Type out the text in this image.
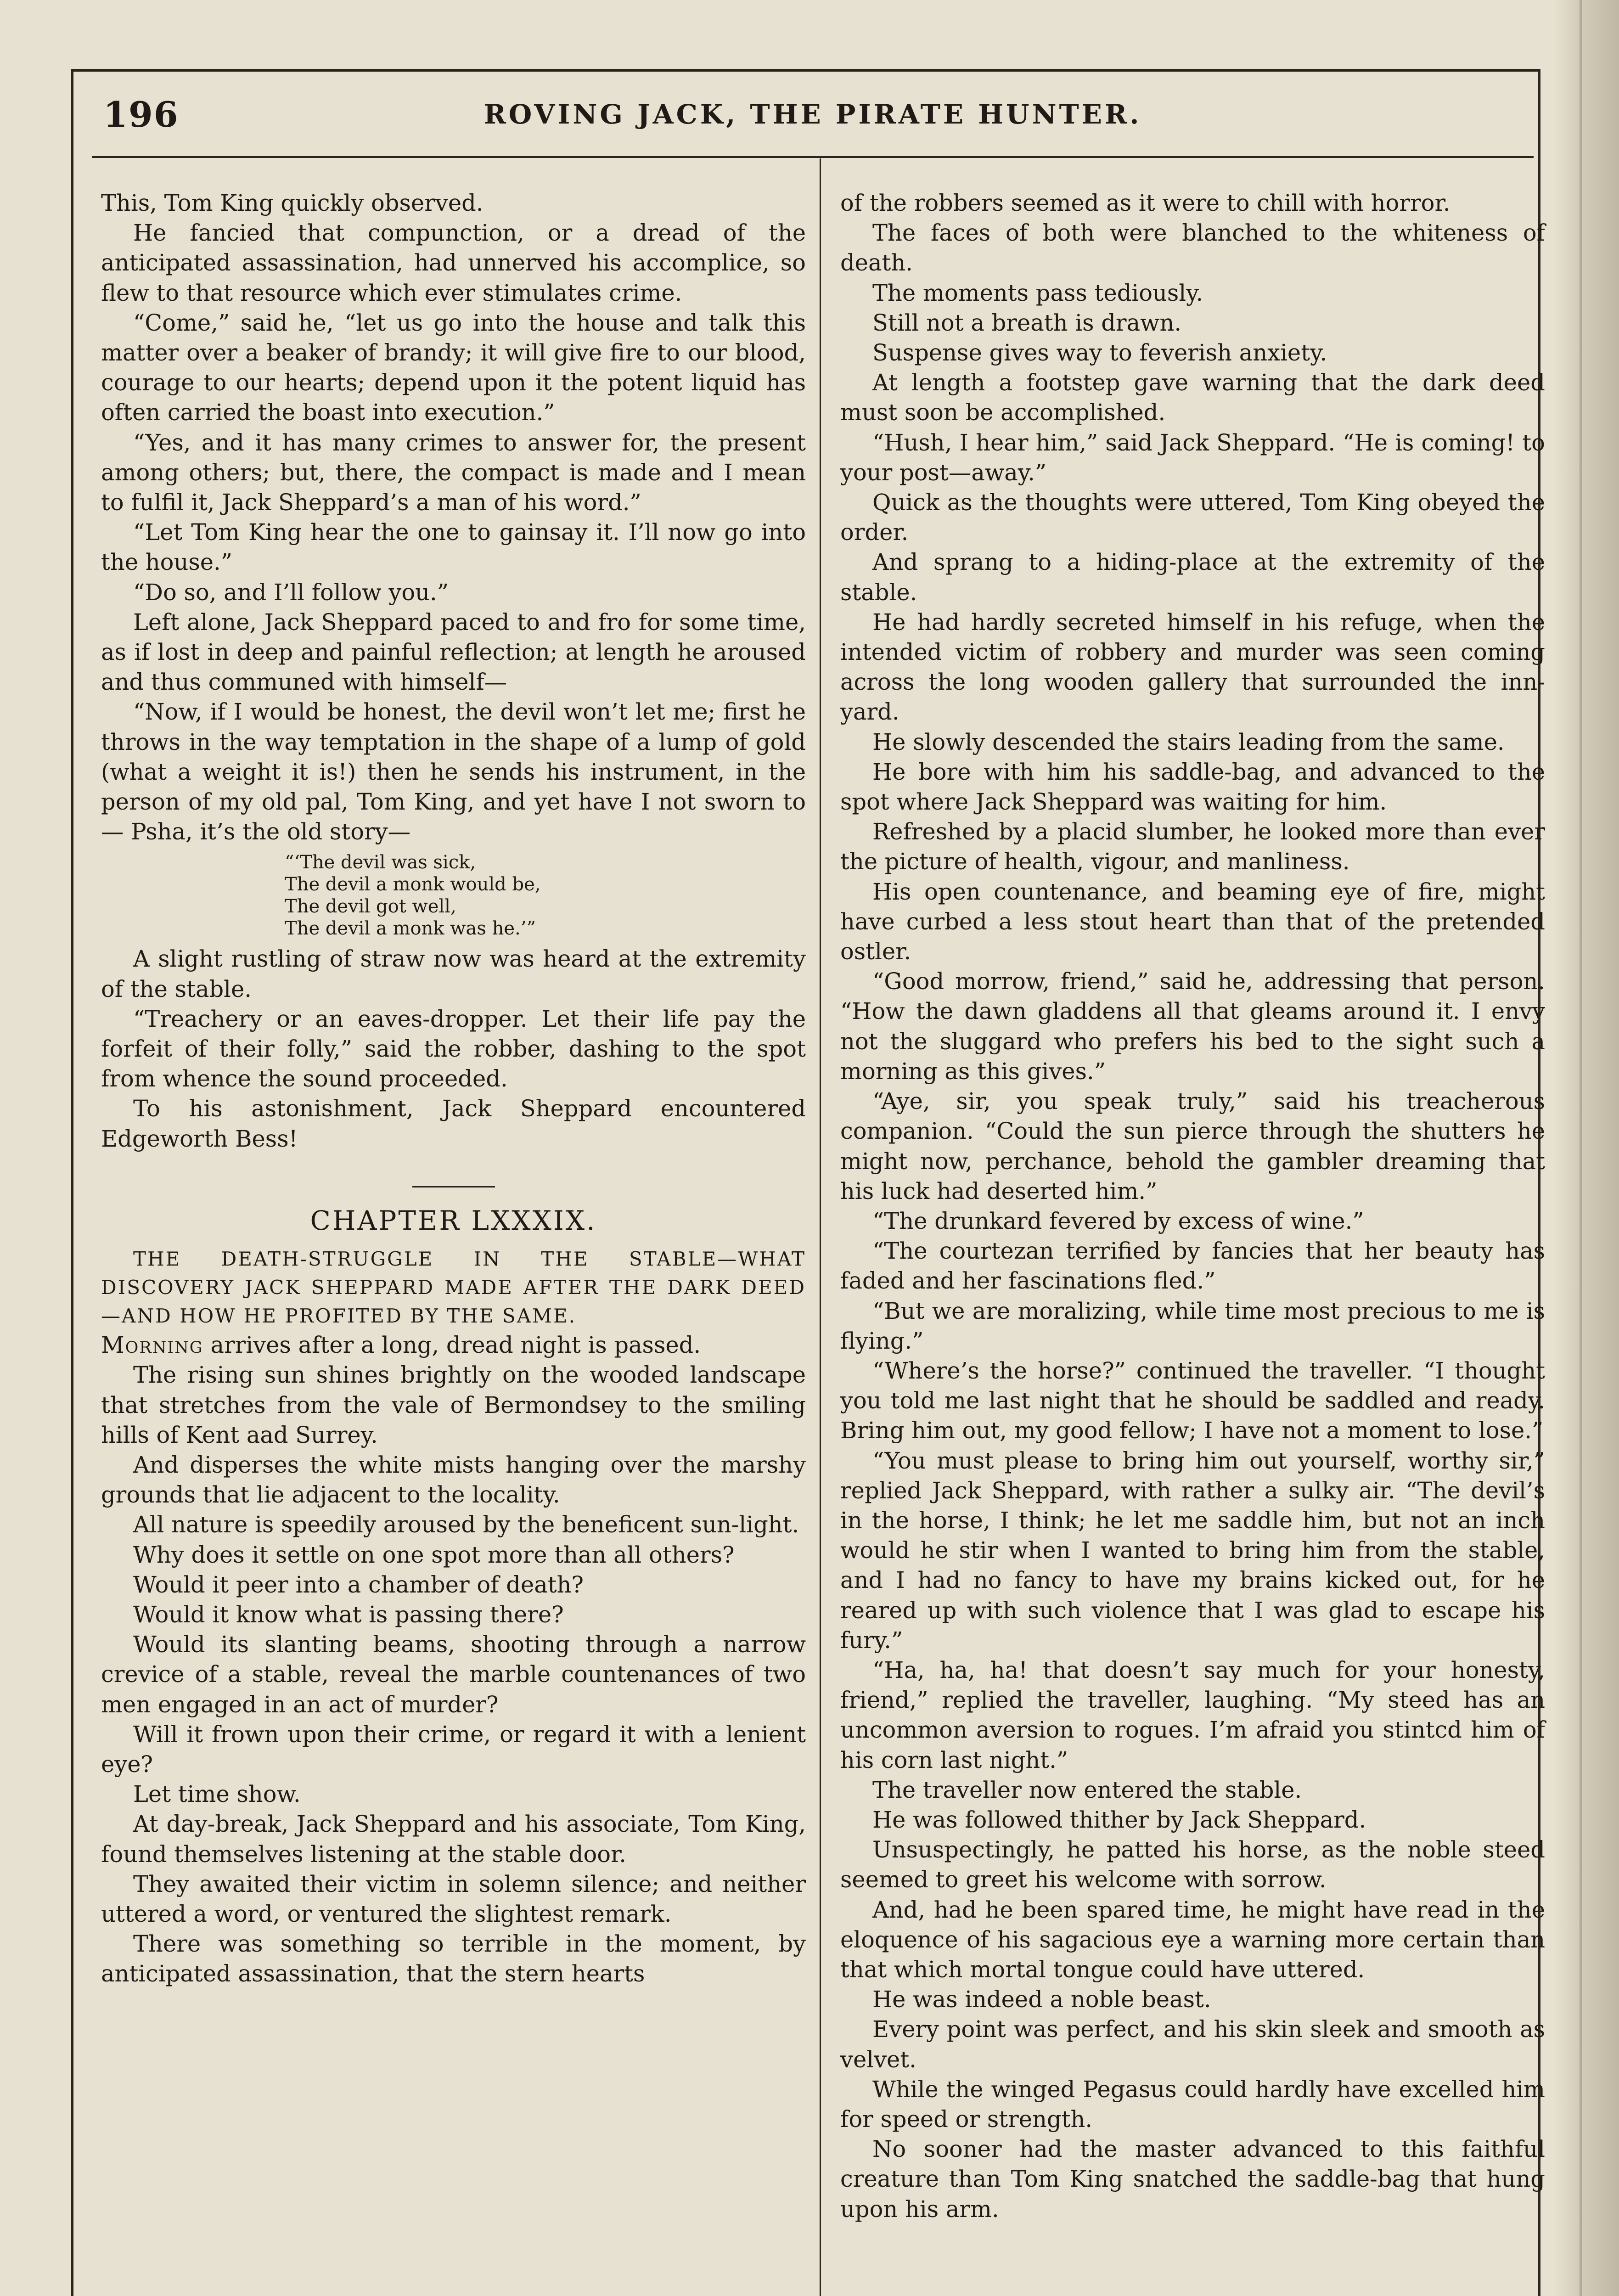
196	ROVING JACK, THE PIRATE HUNTER.

This, Tom King quickly observed.

He fancied that compunction, or a dread of the anticipated assassination, had unnerved his accomplice, so flew to that resource which ever stimulates crime.

“Come,” said he, “let us go into the house and talk this matter over a beaker of brandy; it will give fire to our blood, courage to our hearts; depend upon it the potent liquid has often carried the boast into execution.”

“Yes, and it has many crimes to answer for, the present among others; but, there, the compact is made and I mean to fulfil it, Jack Sheppard’s a man of his word.”

“Let Tom King hear the one to gainsay it. I’ll now go into the house.”

“Do so, and I’ll follow you.”

Left alone, Jack Sheppard paced to and fro for some time, as if lost in deep and painful reflection; at length he aroused and thus communed with himself—

“Now, if I would be honest, the devil won’t let me; first he throws in the way temptation in the shape of a lump of gold (what a weight it is!) then he sends his instrument, in the person of my old pal, Tom King, and yet have I not sworn to— Psha, it’s the old story—

“‘The devil was sick,
The devil a monk would be,
The devil got well,
The devil a monk was he.’”

A slight rustling of straw now was heard at the extremity of the stable.

“Treachery or an eaves-dropper. Let their life pay the forfeit of their folly,” said the robber, dashing to the spot from whence the sound proceeded.

To his astonishment, Jack Sheppard encountered Edgeworth Bess!

CHAPTER LXXXIX.

THE DEATH-STRUGGLE IN THE STABLE—WHAT DISCOVERY JACK SHEPPARD MADE AFTER THE DARK DEED—AND HOW HE PROFITED BY THE SAME.

Morning arrives after a long, dread night is passed.

The rising sun shines brightly on the wooded landscape that stretches from the vale of Bermondsey to the smiling hills of Kent aad Surrey.

And disperses the white mists hanging over the marshy grounds that lie adjacent to the locality.

All nature is speedily aroused by the beneficent sun-light.

Why does it settle on one spot more than all others?

Would it peer into a chamber of death?

Would it know what is passing there?

Would its slanting beams, shooting through a narrow crevice of a stable, reveal the marble countenances of two men engaged in an act of murder?

Will it frown upon their crime, or regard it with a lenient eye?

Let time show.

At day-break, Jack Sheppard and his associate, Tom King, found themselves listening at the stable door.

They awaited their victim in solemn silence; and neither uttered a word, or ventured the slightest remark.

There was something so terrible in the moment, by anticipated assassination, that the stern hearts

of the robbers seemed as it were to chill with horror.

The faces of both were blanched to the whiteness of death.

The moments pass tediously.

Still not a breath is drawn.

Suspense gives way to feverish anxiety.

At length a footstep gave warning that the dark deed must soon be accomplished.

“Hush, I hear him,” said Jack Sheppard. “He is coming! to your post—away.”

Quick as the thoughts were uttered, Tom King obeyed the order.

And sprang to a hiding-place at the extremity of the stable.

He had hardly secreted himself in his refuge, when the intended victim of robbery and murder was seen coming across the long wooden gallery that surrounded the inn-yard.

He slowly descended the stairs leading from the same.

He bore with him his saddle-bag, and advanced to the spot where Jack Sheppard was waiting for him.

Refreshed by a placid slumber, he looked more than ever the picture of health, vigour, and manliness.

His open countenance, and beaming eye of fire, might have curbed a less stout heart than that of the pretended ostler.

“Good morrow, friend,” said he, addressing that person. “How the dawn gladdens all that gleams around it. I envy not the sluggard who prefers his bed to the sight such a morning as this gives.”

“Aye, sir, you speak truly,” said his treacherous companion. “Could the sun pierce through the shutters he might now, perchance, behold the gambler dreaming that his luck had deserted him.”

“The drunkard fevered by excess of wine.”

“The courtezan terrified by fancies that her beauty has faded and her fascinations fled.”

“But we are moralizing, while time most precious to me is flying.”

“Where’s the horse?” continued the traveller. “I thought you told me last night that he should be saddled and ready. Bring him out, my good fellow; I have not a moment to lose.”

“You must please to bring him out yourself, worthy sir,” replied Jack Sheppard, with rather a sulky air. “The devil’s in the horse, I think; he let me saddle him, but not an inch would he stir when I wanted to bring him from the stable, and I had no fancy to have my brains kicked out, for he reared up with such violence that I was glad to escape his fury.”

“Ha, ha, ha! that doesn’t say much for your honesty, friend,” replied the traveller, laughing. “My steed has an uncommon aversion to rogues. I’m afraid you stintcd him of his corn last night.”

The traveller now entered the stable.

He was followed thither by Jack Sheppard.

Unsuspectingly, he patted his horse, as the noble steed seemed to greet his welcome with sorrow.

And, had he been spared time, he might have read in the eloquence of his sagacious eye a warning more certain than that which mortal tongue could have uttered.

He was indeed a noble beast.

Every point was perfect, and his skin sleek and smooth as velvet.

While the winged Pegasus could hardly have excelled him for speed or strength.

No sooner had the master advanced to this faithful creature than Tom King snatched the saddle-bag that hung upon his arm.
